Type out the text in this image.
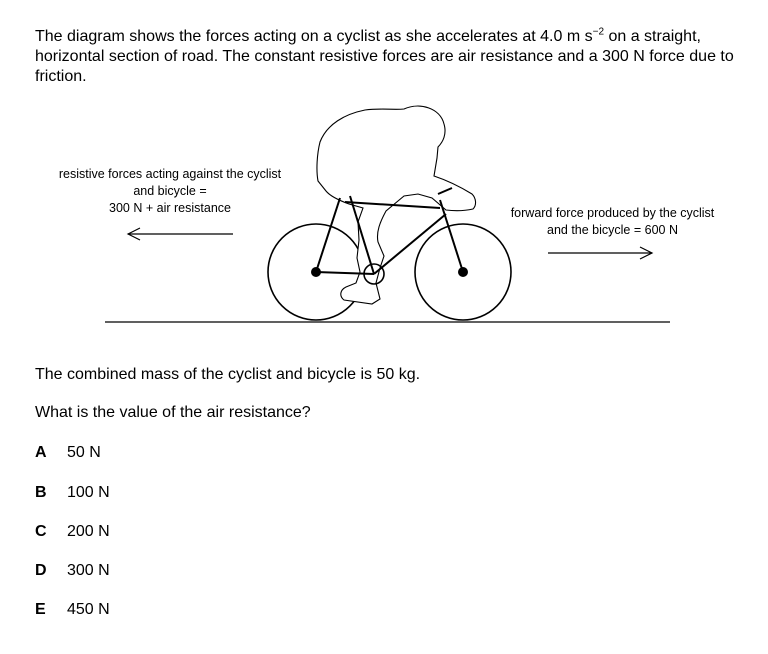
The diagram shows the forces acting on a cyclist as she accelerates at 4.0 m $s^{-2}$ on a straight, horizontal section of road. The constant resistive forces are air resistance and a 300 N force due to friction.
resistive forces acting against the cyclist
and bicycle =
300 N + air resistance	forward force produced by the cyclist
and the bicycle = 600 N
The combined mass of the cyclist and bicycle is 50 kg.
What is the value of the air resistance?
A 50 N
B 100 N
C 200 N
D 300 N
E 450 N
